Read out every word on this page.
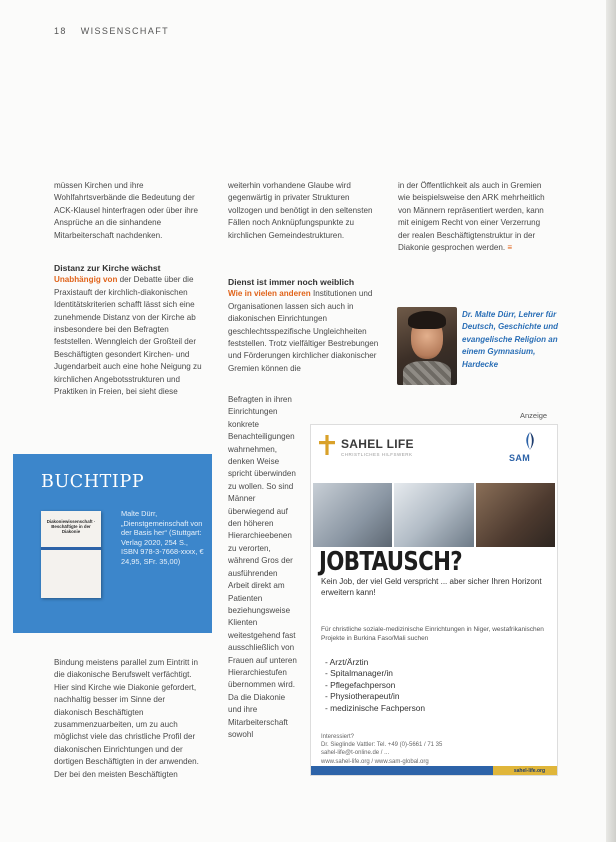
18 WISSENSCHAFT

müssen Kirchen und ihre Wohlfahrtsverbände die Bedeutung der ACK-Klausel hinterfragen oder über ihre Ansprüche an die sinhandene Mitarbeiterschaft nachdenken.

Distanz zur Kirche wächst

Unabhängig von der Debatte über die Praxistauft der kirchlich-diakonischen Identitätskriterien schafft lässt sich eine zunehmende Distanz von der Kirche ab insbesondere bei den Befragten feststellen. Wenngleich der Großteil der Beschäftigten gesondert Kirchen- und Jugendarbeit auch eine hohe Neigung zu kirchlichen Angebotsstrukturen und Praktiken in Freien, bei sieht diese

BUCHTIPP
Diakoniewissenschaft · Beschäftigte in der Diakonie
Malte Dürr, „Dienstgemeinschaft von der Basis her“ (Stuttgart: Verlag 2020, 254 S., ISBN 978-3-7668-xxxx, € 24,95, SFr. 35,00)

Bindung meistens parallel zum Eintritt in die diakonische Berufswelt verfächtigt. Hier sind Kirche wie Diakonie gefordert, nachhaltig besser im Sinne der diakonisch Beschäftigten zusammenzuarbeiten, um zu auch möglichst viele das christliche Profil der diakonischen Einrichtungen und der dortigen Beschäftigten in der anwenden. Der bei den meisten Beschäftigten

weiterhin vorhandene Glaube wird gegenwärtig in privater Strukturen vollzogen und benötigt in den seltensten Fällen noch Anknüpfungspunkte zu kirchlichen Gemeindestrukturen.

Dienst ist immer noch weiblich

Wie in vielen anderen Institutionen und Organisationen lassen sich auch in diakonischen Einrichtungen geschlechtsspezifische Ungleichheiten feststellen. Trotz vielfältiger Bestrebungen und Förderungen kirchlicher diakonischer Gremien können die

Befragten in ihren Einrichtungen konkrete Benachteiligungen wahrnehmen, denken Weise spricht überwinden zu wollen. So sind Männer überwiegend auf den höheren Hierarchieebenen zu verorten, während Gros der ausführenden Arbeit direkt am Patienten beziehungsweise Klienten weitestgehend fast ausschließlich von Frauen auf unteren Hierarchiestufen übernommen wird. Da die Diakonie und ihre Mitarbeiterschaft sowohl

in der Öffentlichkeit als auch in Gremien wie beispielsweise den ARK mehrheitlich von Männern repräsentiert werden, kann mit einigem Recht von einer Verzerrung der realen Beschäftigtenstruktur in der Diakonie gesprochen werden. ≡

Dr. Malte Dürr, Lehrer für Deutsch, Geschichte und evangelische Religion an einem Gymnasium, Hardecke
Anzeige
SAHEL LIFE
CHRISTLICHES HILFSWERK	SAM
JOBTAUSCH?
Kein Job, der viel Geld verspricht ... aber sicher Ihren Horizont erweitern kann!
Für christliche soziale-medizinische Einrichtungen in Niger, westafrikanischen Projekte in Burkina Faso/Mali suchen
- Arzt/Ärztin
- Spitalmanager/in
- Pflegefachperson
- Physiotherapeut/in
- medizinische Fachperson
Interessiert?
Dr. Sieglinde Vattler: Tel. +49 (0)-5661 / 71 35
sahel-life@t-online.de / ...
www.sahel-life.org / www.sam-global.org
sahel-life.org
